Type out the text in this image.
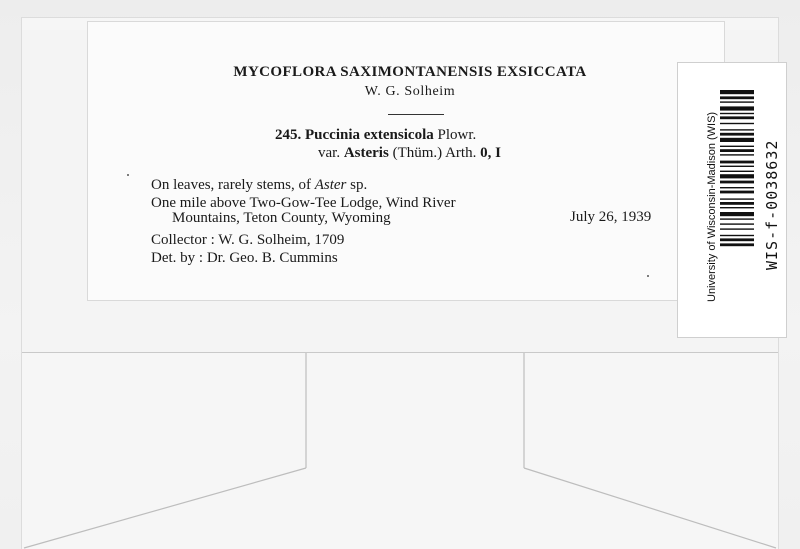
MYCOFLORA SAXIMONTANENSIS EXSICCATA
W. G. Solheim
245. Puccinia extensicola Plowr.
var. Asteris (Thüm.) Arth. 0, I
On leaves, rarely stems, of Aster sp.
One mile above Two-Gow-Tee Lodge, Wind River
Mountains, Teton County, Wyoming	July 26, 1939
Collector : W. G. Solheim, 1709
Det. by : Dr. Geo. B. Cummins	University of Wisconsin-Madison (WIS)	WIS-f-0038632
